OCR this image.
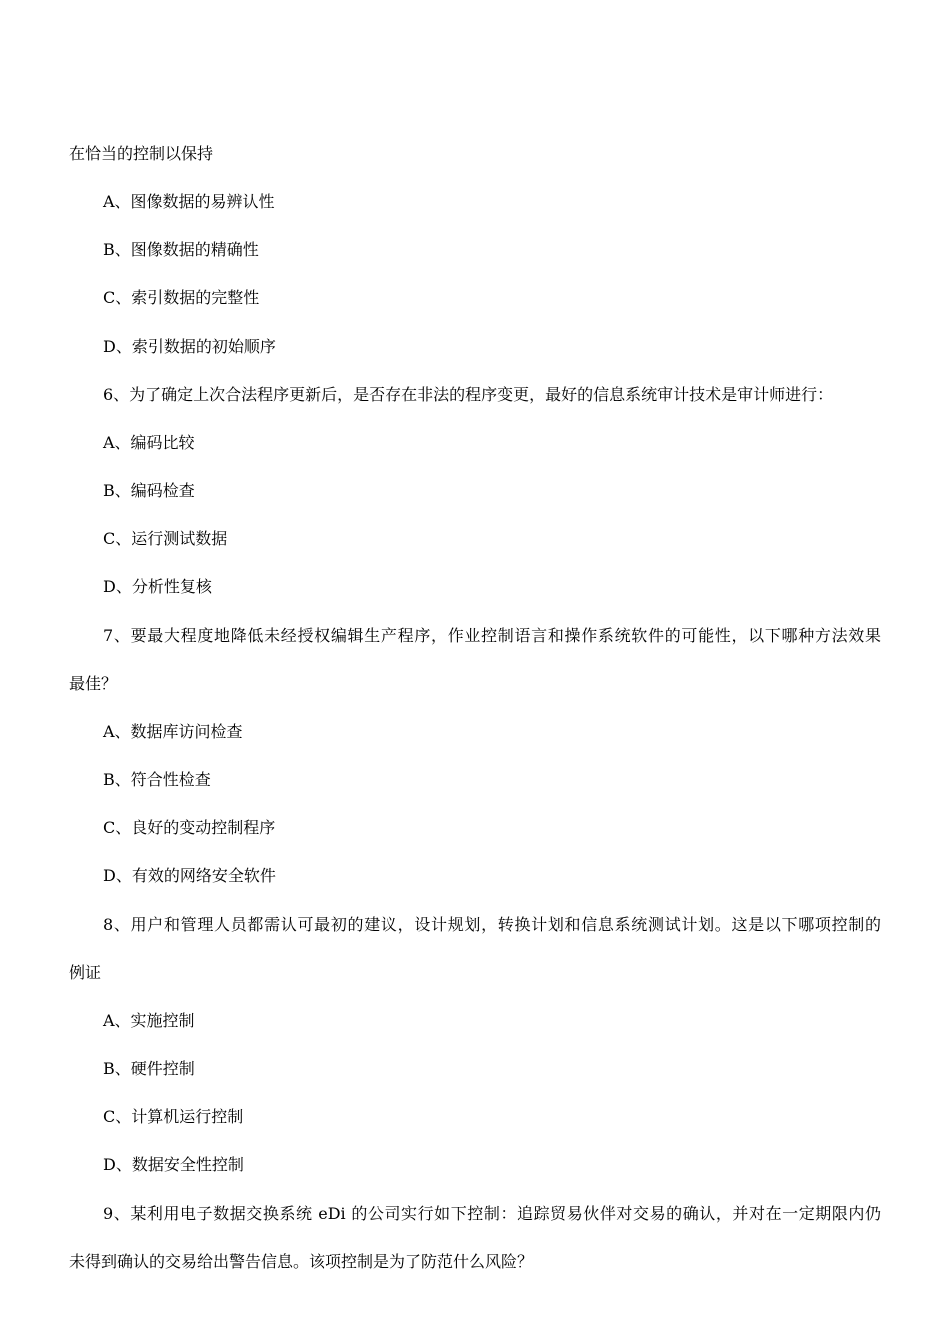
在恰当的控制以保持
A、图像数据的易辨认性
B、图像数据的精确性
C、索引数据的完整性
D、索引数据的初始顺序
6、为了确定上次合法程序更新后，是否存在非法的程序变更，最好的信息系统审计技术是审计师进行：
A、编码比较
B、编码检查
C、运行测试数据
D、分析性复核
7、要最大程度地降低未经授权编辑生产程序，作业控制语言和操作系统软件的可能性，以下哪种方法效果
最佳？
A、数据库访问检查
B、符合性检查
C、良好的变动控制程序
D、有效的网络安全软件
8、用户和管理人员都需认可最初的建议，设计规划，转换计划和信息系统测试计划。这是以下哪项控制的
例证
A、实施控制
B、硬件控制
C、计算机运行控制
D、数据安全性控制
9、某利用电子数据交换系统 eDi 的公司实行如下控制：追踪贸易伙伴对交易的确认，并对在一定期限内仍
未得到确认的交易给出警告信息。该项控制是为了防范什么风险？
